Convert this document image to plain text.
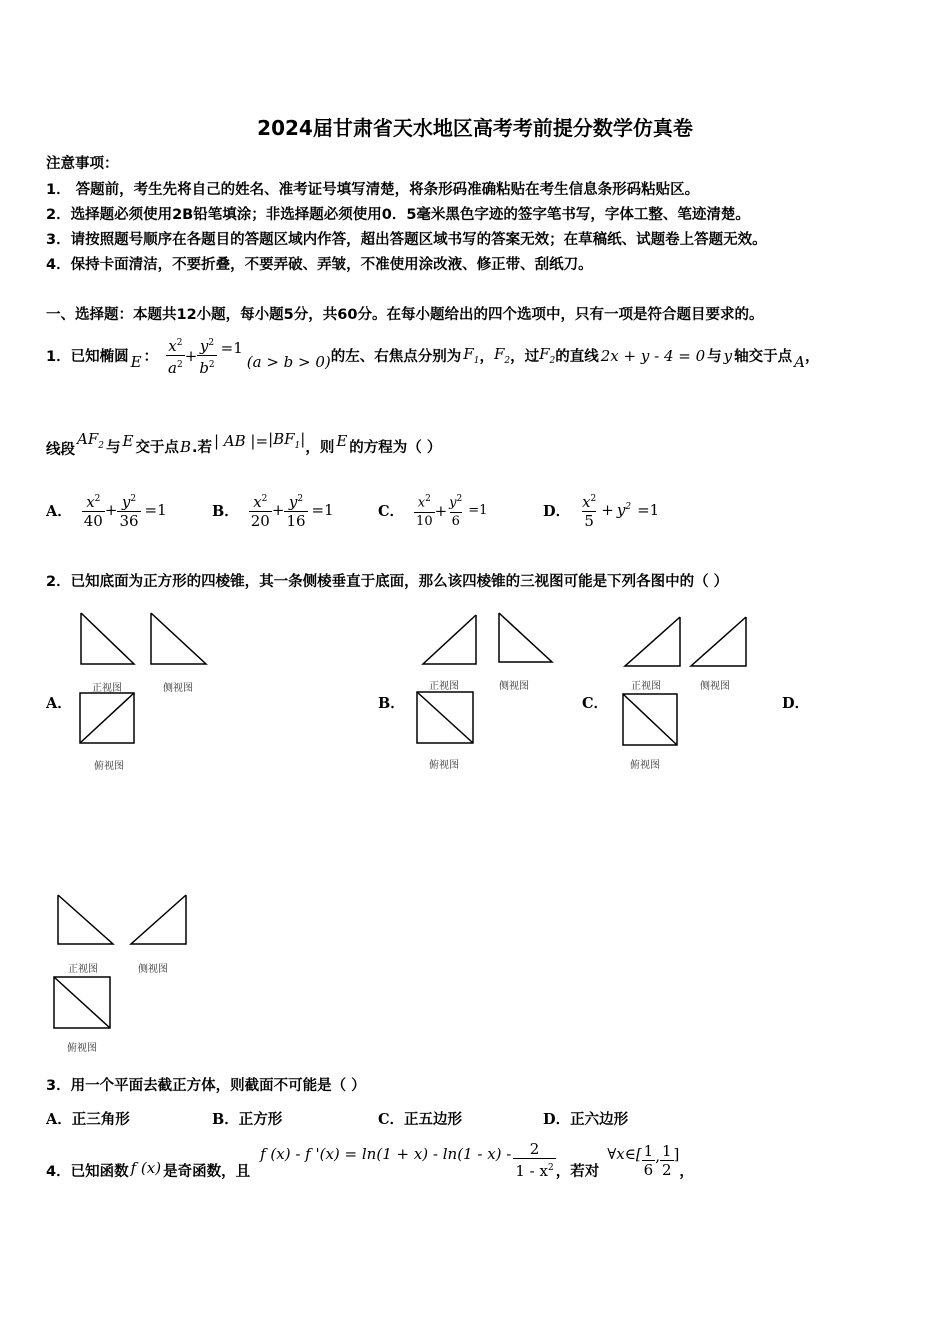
2024届甘肃省天水地区高考考前提分数学仿真卷
注意事项：
1． 答题前，考生先将自己的姓名、准考证号填写清楚，将条形码准确粘贴在考生信息条形码粘贴区。
2．选择题必须使用2B铅笔填涂；非选择题必须使用0．5毫米黑色字迹的签字笔书写，字体工整、笔迹清楚。
3．请按照题号顺序在各题目的答题区域内作答，超出答题区域书写的答案无效；在草稿纸、试题卷上答题无效。
4．保持卡面清洁，不要折叠，不要弄破、弄皱，不准使用涂改液、修正带、刮纸刀。
一、选择题：本题共12小题，每小题5分，共60分。在每小题给出的四个选项中，只有一项是符合题目要求的。
1．已知椭圆 E ： $\frac{x^2}{a^2} + \frac{y^2}{b^2} =1$
(a > b > 0) 的左、右焦点分别为 $F_1$ ， $F_2$ ，过 $F_2$ 的直线 2x + y - 4 = 0 与 y 轴交于点 A ，
线段
$AF_2$ 与 E 交于点 B .若 | AB |= $|BF_1|$ ，则 E 的方程为（ ）
A． $\frac{x^2}{40} + \frac{y^2}{36} =1$	B． $\frac{x^2}{20} + \frac{y^2}{16} =1$	C． $\frac{x^2}{10} + \frac{y^2}{6} =1$	D． $\frac{x^2}{5} + y^2 =1$
2．已知底面为正方形的四棱锥，其一条侧棱垂直于底面，那么该四棱锥的三视图可能是下列各图中的（ ）
正视图	侧视图
A．
俯视图
B．
正视图	侧视图
俯视图
C．
正视图	侧视图
俯视图
D．
正视图	侧视图
俯视图
3．用一个平面去截正方体，则截面不可能是（ ）
A．正三角形	B．正方形	C．正五边形	D．正六边形
4．已知函数 f (x) 是奇函数，且
f (x) - f '$(x) = \ln(1 + x) - \ln(1 - x) - \frac{2}{1 - x^2}$ ，若对
∀x∈[ $\frac{1}{6}$ , $\frac{1}{2}$ ]
，
